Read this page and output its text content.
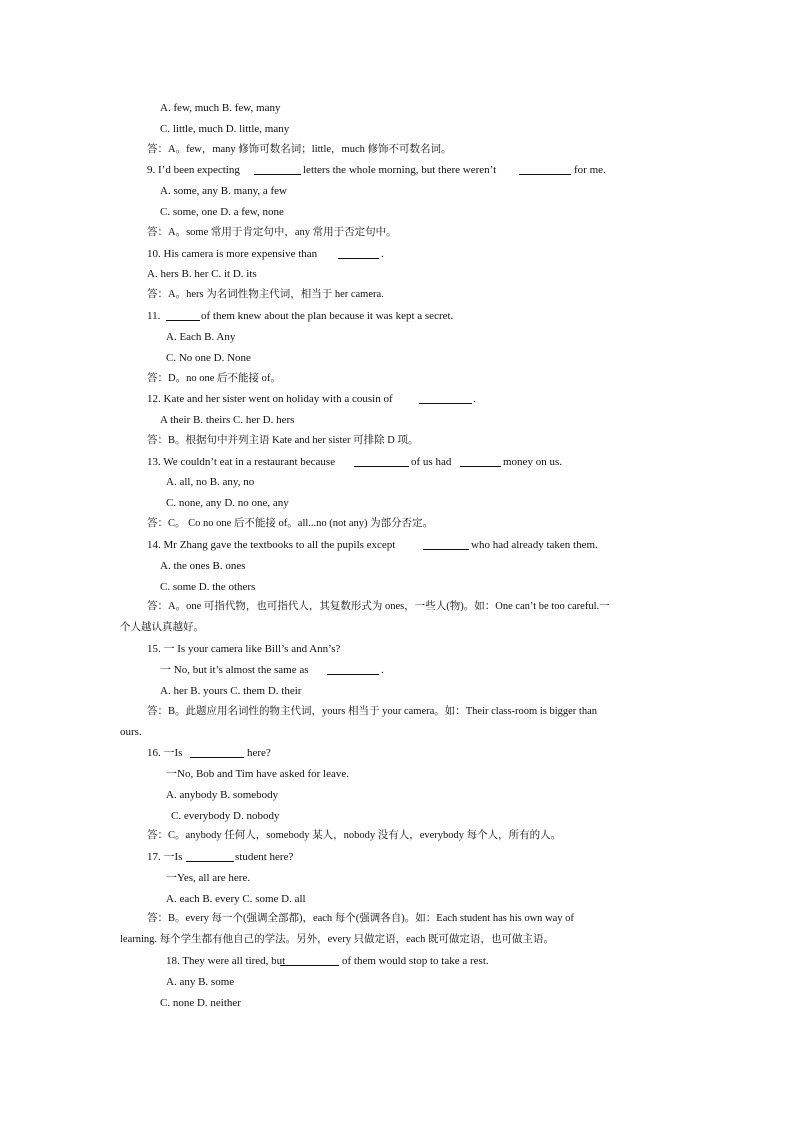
A. few, much B. few, many
C. little, much D. little, many
答：A。few，many 修饰可数名词；little，much 修饰不可数名词。
9. I’d been expecting	letters the whole morning, but there weren’t	for me.
A. some, any B. many, a few
C. some, one D. a few, none
答：A。some 常用于肯定句中，any 常用于否定句中。
10. His camera is more expensive than	.
A. hers B. her C. it D. its
答：A。hers 为名词性物主代词，相当于 her camera.
11.	of them knew about the plan because it was kept a secret.
A. Each B. Any
C. No one D. None
答：D。no one 后不能接 of。
12. Kate and her sister went on holiday with a cousin of	.
A their B. theirs C. her D. hers
答：B。根据句中并列主语 Kate and her sister 可排除 D 项。
13. We couldn’t eat in a restaurant because	of us had	money on us.
A. all, no B. any, no
C. none, any D. no one, any
答：C。 Co no one 后不能接 of。all...no (not any) 为部分否定。
14. Mr Zhang gave the textbooks to all the pupils except	who had already taken them.
A. the ones B. ones
C. some D. the others
答：A。one 可指代物，也可指代人，其复数形式为 ones，一些人(物)。如：One can’t be too careful.一
个人越认真越好。
15. 一 Is your camera like Bill’s and Ann’s?
一 No, but it’s almost the same as	.
A. her B. yours C. them D. their
答：B。此题应用名词性的物主代词，yours 相当于 your camera。如：Their class-room is bigger than
ours.
16. 一Is	here?
一No, Bob and Tim have asked for leave.
A. anybody B. somebody
C. everybody D. nobody
答：C。anybody 任何人，somebody 某人，nobody 没有人，everybody 每个人，所有的人。
17. 一Is	student here?
一Yes, all are here.
A. each B. every C. some D. all
答：B。every 每一个(强调全部都)，each 每个(强调各自)。如：Each student has his own way of
learning. 每个学生都有他自己的学法。另外，every 只做定语，each 既可做定语，也可做主语。
18. They were all tired, but	of them would stop to take a rest.
A. any B. some
C. none D. neither
